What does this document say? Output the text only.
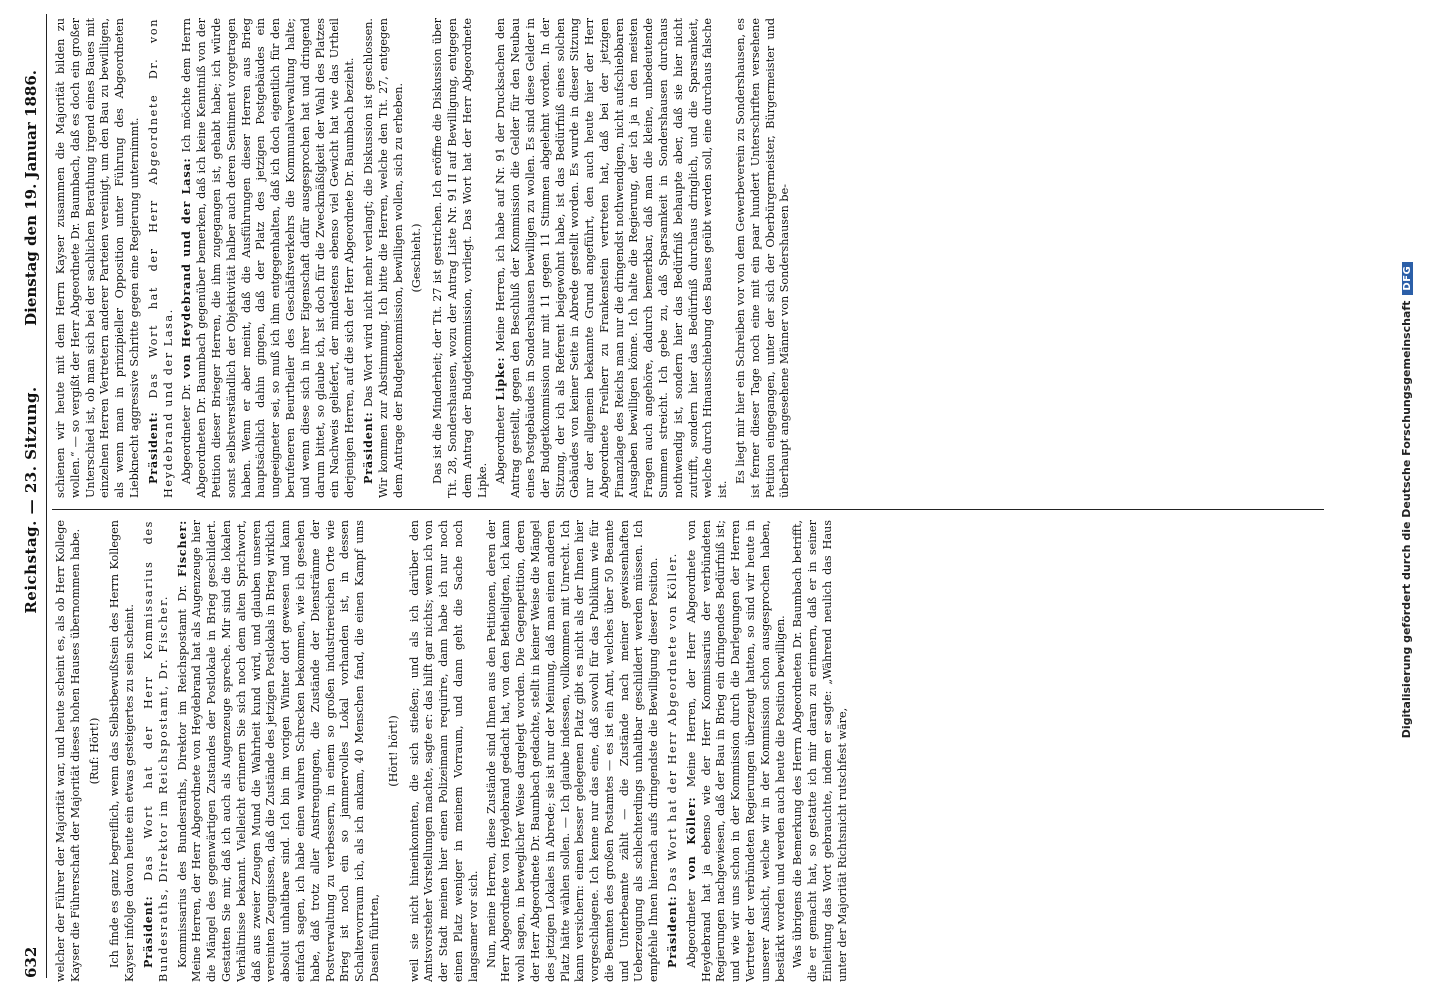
632
Reichstag. — 23. Sitzung.
Dienstag den 19. Januar 1886.

welcher der Führer der Majorität war, und heute scheint es, als ob Herr Kollege Kayser die Führerschaft der Majorität dieses hohen Hauses übernommen habe. (Ruf: Hört!) Ich finde es ganz begreiflich, wenn das Selbstbewußtsein des Herrn Kollegen Kayser infolge davon heute ein etwas gesteigertes zu sein scheint. Präsident: Das Wort hat der Herr Kommissarius des Bundesraths, Direktor im Reichspostamt, Dr. Fischer. Kommissarius des Bundesraths, Direktor im Reichspostamt Dr. Fischer: Meine Herren, der Herr Abgeordnete von Heydebrand hat als Augenzeuge hier die Mängel des gegenwärtigen Zustandes der Postlokale in Brieg geschildert. Gestatten Sie mir, daß ich auch als Augenzeuge spreche. Mir sind die lokalen Verhältnisse bekannt. Vielleicht erinnern Sie sich noch dem alten Sprichwort, daß aus zweier Zeugen Mund die Wahrheit kund wird, und glauben unseren vereinten Zeugnissen, daß die Zustände des jetzigen Postlokals in Brieg wirklich absolut unhaltbare sind. Ich bin im vorigen Winter dort gewesen und kann einfach sagen, ich habe einen wahren Schrecken bekommen, wie ich gesehen habe, daß trotz aller Anstrengungen, die Zustände der Dienstränme der Postverwaltung zu verbessern, in einem so großen industriereichen Orte wie Brieg ist noch ein so jammervolles Lokal vorhanden ist, in dessen Schaltervorraum ich, als ich ankam, 40 Menschen fand, die einen Kampf ums Dasein führten,

(Hört! hört!) weil sie nicht hineinkonnten, die sich stießen; und als ich darüber den Amtsvorsteher Vorstellungen machte, sagte er: das hilft gar nichts; wenn ich von der Stadt meinen hier einen Polizeimann requirire, dann habe ich nur noch einen Platz weniger in meinem Vorraum, und dann geht die Sache noch langsamer vor sich. Nun, meine Herren, diese Zustände sind Ihnen aus den Petitionen, deren der Herr Abgeordnete von Heydebrand gedacht hat, von den Betheiligten, ich kann wohl sagen, in beweglicher Weise dargelegt worden. Die Gegenpetition, deren der Herr Abgeordnete Dr. Baumbach gedachte, stellt in keiner Weise die Mängel des jetzigen Lokales in Abrede; sie ist nur der Meinung, daß man einen anderen Platz hätte wählen sollen. — Ich glaube indessen, vollkommen mit Unrecht. Ich kann versichern: einen besser gelegenen Platz gibt es nicht als der Ihnen hier vorgeschlagene. Ich kenne nur das eine, daß sowohl für das Publikum wie für die Beamten des großen Postamtes — es ist ein Amt, welches über 50 Beamte und Unterbeamte zählt — die Zustände nach meiner gewissenhaften Ueberzeugung als schlechterdings unhaltbar geschildert werden müssen. Ich empfehle Ihnen hiernach aufs dringendste die Bewilligung dieser Position. Präsident: Das Wort hat der Herr Abgeordnete von Köller.

Abgeordneter von Köller: Meine Herren, der Herr Abgeordnete von Heydebrand hat ja ebenso wie der Herr Kommissarius der verbündeten Regierungen nachgewiesen, daß der Bau in Brieg ein dringendes Bedürfniß ist; und wie wir uns schon in der Kommission durch die Darlegungen der Herren Vertreter der verbündeten Regierungen überzeugt hatten, so sind wir heute in unserer Ansicht, welche wir in der Kommission schon ausgesprochen haben, bestärkt worden und werden auch heute die Position bewilligen. Was übrigens die Bemerkung des Herrn Abgeordneten Dr. Baumbach betrifft, die er gemacht hat, so gestatte ich mir daran zu erinnern, daß er in seiner Einleitung das Wort gebrauchte, indem er sagte: „Während neulich das Haus unter der Majorität Richtsnicht rutschfest wäre,

schienen wir heute mit dem Herrn Kayser zusammen die Majorität bilden zu wollen.“ — so vergißt der Herr Abgeordnete Dr. Baumbach, daß es doch ein großer Unterschied ist, ob man sich bei der sachlichen Berathung irgend eines Baues mit einzelnen Herren Vertretern anderer Parteien vereinigt, um den Bau zu bewilligen, als wenn man in prinzipieller Opposition unter Führung des Abgeordneten Liebknecht aggressive Schritte gegen eine Regierung unternimmt. Präsident: Das Wort hat der Herr Abgeordnete Dr. von Heydebrand und der Lasa. Abgeordneter Dr. von Heydebrand und der Lasa: Ich möchte dem Herrn Abgeordneten Dr. Baumbach gegenüber bemerken, daß ich keine Kenntniß von der Petition dieser Brieger Herren, die ihm zugegangen ist, gehabt habe; ich würde sonst selbstverständlich der Objektivität halber auch deren Sentiment vorgetragen haben. Wenn er aber meint, daß die Ausführungen dieser Herren aus Brieg hauptsächlich dahin gingen, daß der Platz des jetzigen Postgebäudes ein ungeeigneter sei, so muß ich ihm entgegenhalten, daß ich doch eigentlich für den berufeneren Beurtheiler des Geschäftsverkehrs die Kommunalverwaltung halte; und wenn diese sich in ihrer Eigenschaft dafür ausgesprochen hat und dringend darum bittet, so glaube ich, ist doch für die Zweckmäßigkeit der Wahl des Platzes ein Nachweis geliefert, der mindestens ebenso viel Gewicht hat wie das Urtheil derjenigen Herren, auf die sich der Herr Abgeordnete Dr. Baumbach bezieht. Präsident: Das Wort wird nicht mehr verlangt; die Diskussion ist geschlossen. Wir kommen zur Abstimmung. Ich bitte die Herren, welche den Tit. 27, entgegen dem Antrage der Budgetkommission, bewilligen wollen, sich zu erheben. (Geschieht.) Das ist die Minderheit; der Tit. 27 ist gestrichen. Ich eröffne die Diskussion über Tit. 28, Sondershausen, wozu der Antrag Liste Nr. 91 II auf Bewilligung, entgegen dem Antrag der Budgetkommission, vorliegt. Das Wort hat der Herr Abgeordnete Lipke. Abgeordneter Lipke: Meine Herren, ich habe auf Nr. 91 der Drucksachen den Antrag gestellt, gegen den Beschluß der Kommission die Gelder für den Neubau eines Postgebäudes in Sondershausen bewilligen zu wollen. Es sind diese Gelder in der Budgetkommission nur mit 11 gegen 11 Stimmen abgelehnt worden. In der Sitzung, der ich als Referent beigewohnt habe, ist das Bedürfniß eines solchen Gebäudes von keiner Seite in Abrede gestellt worden. Es wurde in dieser Sitzung nur der allgemein bekannte Grund angeführt, den auch heute hier der Herr Abgeordnete Freiherr zu Frankenstein vertreten hat, daß bei der jetzigen Finanzlage des Reichs man nur die dringendst nothwendigen, nicht aufschiebbaren Ausgaben bewilligen könne. Ich halte die Regierung, der ich ja in den meisten Fragen auch angehöre, dadurch bemerkbar, daß man die kleine, unbedeutende Summen streicht. Ich gebe zu, daß Sparsamkeit in Sondershausen durchaus nothwendig ist, sondern hier das Bedürfniß behaupte aber, daß sie hier nicht zutrifft, sondern hier das Bedürfniß durchaus dringlich, und die Sparsamkeit, welche durch Hinausschiebung des Baues geübt werden soll, eine durchaus falsche ist.

Es liegt mir hier ein Schreiben vor von dem Gewerbeverein zu Sondershausen, es ist ferner dieser Tage noch eine mit ein paar hundert Unterschriften versehene Petition eingegangen, unter der sich der Oberbürgermeister, Bürgermeister und überhaupt angesehene Männer von Sondershausen be-	Digitalisierung gefördert durch die Deutsche ForschungsgemeinschaftDFG
